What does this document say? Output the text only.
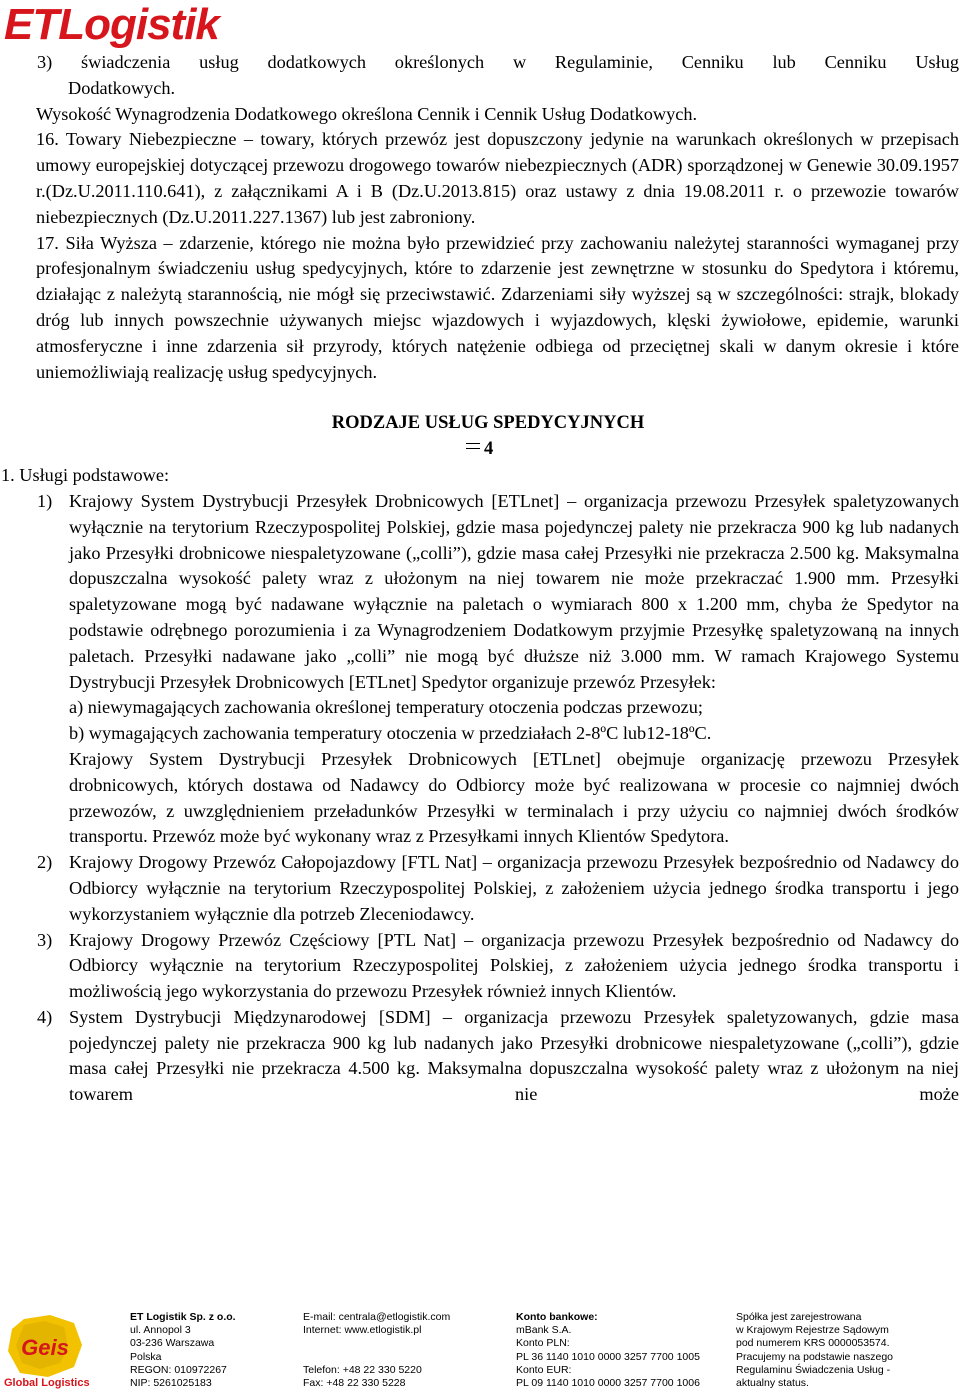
ETLogistik
3) świadczenia usług dodatkowych określonych w Regulaminie, Cenniku lub Cenniku Usług
Dodatkowych.
Wysokość Wynagrodzenia Dodatkowego określona Cennik i Cennik Usług Dodatkowych.
16. Towary Niebezpieczne – towary, których przewóz jest dopuszczony jedynie na warunkach określonych w przepisach umowy europejskiej dotyczącej przewozu drogowego towarów niebezpiecznych (ADR) sporządzonej w Genewie 30.09.1957 r.(Dz.U.2011.110.641), z załącznikami A i B (Dz.U.2013.815) oraz ustawy z dnia 19.08.2011 r. o przewozie towarów niebezpiecznych (Dz.U.2011.227.1367) lub jest zabroniony.
17. Siła Wyższa – zdarzenie, którego nie można było przewidzieć przy zachowaniu należytej staranności wymaganej przy profesjonalnym świadczeniu usług spedycyjnych, które to zdarzenie jest zewnętrzne w stosunku do Spedytora i któremu, działając z należytą starannością, nie mógł się przeciwstawić. Zdarzeniami siły wyższej są w szczególności: strajk, blokady dróg lub innych powszechnie używanych miejsc wjazdowych i wyjazdowych, klęski żywiołowe, epidemie, warunki atmosferyczne i inne zdarzenia sił przyrody, których natężenie odbiega od przeciętnej skali w danym okresie i które uniemożliwiają realizację usług spedycyjnych.
RODZAJE USŁUG SPEDYCYJNYCH
4
1. Usługi podstawowe:
1) Krajowy System Dystrybucji Przesyłek Drobnicowych [ETLnet] – organizacja przewozu Przesyłek spaletyzowanych wyłącznie na terytorium Rzeczypospolitej Polskiej, gdzie masa pojedynczej palety nie przekracza 900 kg lub nadanych jako Przesyłki drobnicowe niespaletyzowane („colli”), gdzie masa całej Przesyłki nie przekracza 2.500 kg. Maksymalna dopuszczalna wysokość palety wraz z ułożonym na niej towarem nie może przekraczać 1.900 mm. Przesyłki spaletyzowane mogą być nadawane wyłącznie na paletach o wymiarach 800 x 1.200 mm, chyba że Spedytor na podstawie odrębnego porozumienia i za Wynagrodzeniem Dodatkowym przyjmie Przesyłkę spaletyzowaną na innych paletach. Przesyłki nadawane jako „colli” nie mogą być dłuższe niż 3.000 mm. W ramach Krajowego Systemu Dystrybucji Przesyłek Drobnicowych [ETLnet] Spedytor organizuje przewóz Przesyłek:
a) niewymagających zachowania określonej temperatury otoczenia podczas przewozu;
b) wymagających zachowania temperatury otoczenia w przedziałach 2-8ºC lub12-18ºC.
Krajowy System Dystrybucji Przesyłek Drobnicowych [ETLnet] obejmuje organizację przewozu Przesyłek drobnicowych, których dostawa od Nadawcy do Odbiorcy może być realizowana w procesie co najmniej dwóch przewozów, z uwzględnieniem przeładunków Przesyłki w terminalach i przy użyciu co najmniej dwóch środków transportu. Przewóz może być wykonany wraz z Przesyłkami innych Klientów Spedytora.
2) Krajowy Drogowy Przewóz Całopojazdowy [FTL Nat] – organizacja przewozu Przesyłek bezpośrednio od Nadawcy do Odbiorcy wyłącznie na terytorium Rzeczypospolitej Polskiej, z założeniem użycia jednego środka transportu i jego wykorzystaniem wyłącznie dla potrzeb Zleceniodawcy.
3) Krajowy Drogowy Przewóz Częściowy [PTL Nat] – organizacja przewozu Przesyłek bezpośrednio od Nadawcy do Odbiorcy wyłącznie na terytorium Rzeczypospolitej Polskiej, z założeniem użycia jednego środka transportu i możliwością jego wykorzystania do przewozu Przesyłek również innych Klientów.
4) System Dystrybucji Międzynarodowej [SDM] – organizacja przewozu Przesyłek spaletyzowanych, gdzie masa pojedynczej palety nie przekracza 900 kg lub nadanych jako Przesyłki drobnicowe niespaletyzowane („colli”), gdzie masa całej Przesyłki nie przekracza 4.500 kg. Maksymalna dopuszczalna wysokość palety wraz z ułożonym na niej towarem nie może
Geis
Global Logistics
ET Logistik Sp. z o.o.
ul. Annopol 3
03-236 Warszawa
Polska
REGON: 010972267
NIP: 5261025183
E-mail: centrala@etlogistik.com
Internet: www.etlogistik.pl

Telefon: +48 22 330 5220
Fax: +48 22 330 5228
Konto bankowe:
mBank S.A.
Konto PLN:
PL 36 1140 1010 0000 3257 7700 1005
Konto EUR:
PL 09 1140 1010 0000 3257 7700 1006
Spółka jest zarejestrowana
w Krajowym Rejestrze Sądowym
pod numerem KRS 0000053574.
Pracujemy na podstawie naszego
Regulaminu Świadczenia Usług -
aktualny status.
